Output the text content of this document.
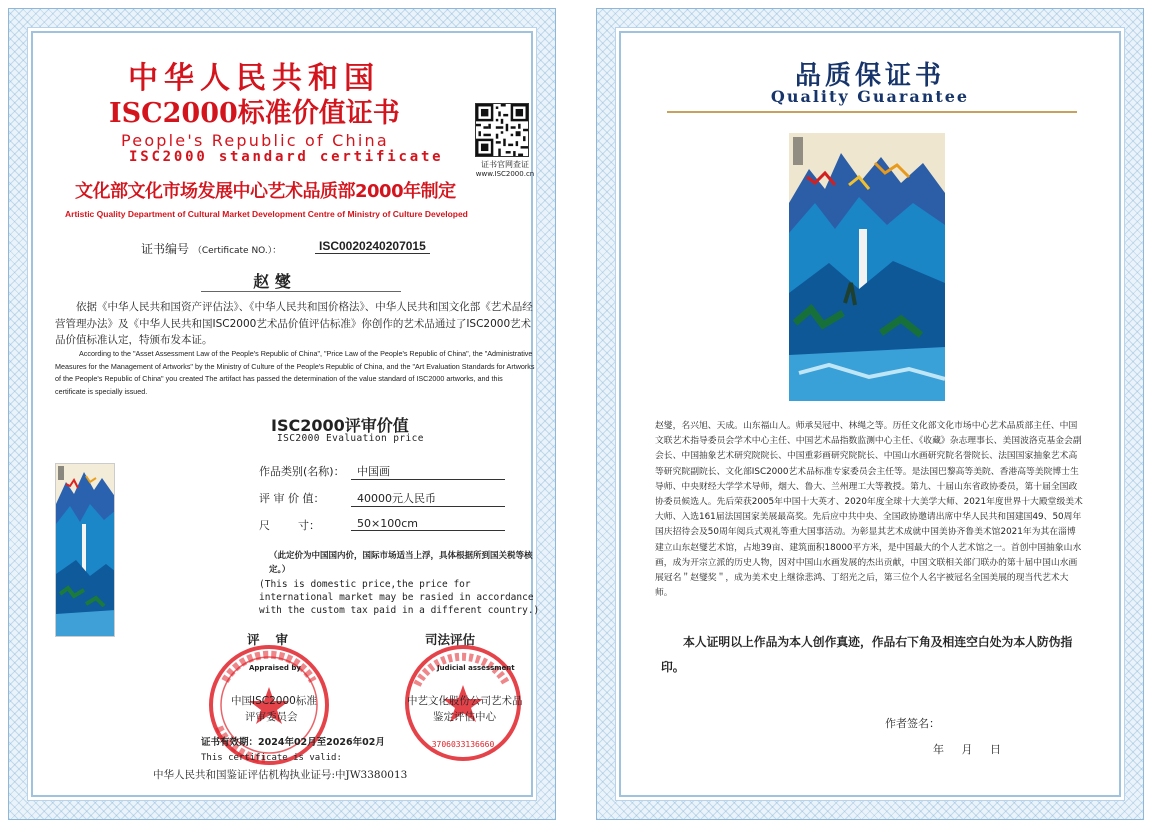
中华人民共和国
ISC2000标准价值证书
People's Republic of China
ISC2000 standard certificate	证书官网查证
www.ISC2000.cn
文化部文化市场发展中心艺术品质部2000年制定
Artistic Quality Department of Cultural Market Development Centre of Ministry of Culture Developed
证书编号 （Certificate NO.）：	ISC0020240207015
赵 燮
依据《中华人民共和国资产评估法》、《中华人民共和国价格法》、中华人民共和国文化部《艺术品经营管理办法》及《中华人民共和国ISC2000艺术品价值评估标准》你创作的艺术品通过了ISC2000艺术品价值标准认定，特颁布发本证。
According to the "Asset Assessment Law of the People's Republic of China", "Price Law of the People's Republic of China", the "Administrative Measures for the Management of Artworks" by the Ministry of Culture of the People's Republic of China, and the "Art Evaluation Standards for Artworks of the People's Republic of China" you created The artifact has passed the determination of the value standard of ISC2000 artworks, and this certificate is specially issued.
ISC2000评审价值
ISC2000 Evaluation price
作品类别(名称)：	中国画
评 审 价 值：	40000元人民币
尺        寸：	50×100cm
（此定价为中国国内价，国际市场适当上浮，具体根据所到国关税等核定。）
(This is domestic price,the price for international market may be rasied in accordance with the custom tax paid in a different country.)
评审	司法评估
3706033136660
Appraised by	Judicial assessment
中国ISC2000标准
评审委员会
中艺文化股份公司艺术品
鉴定评估中心
证书有效期：2024年02月至2026年02月
This certificate is valid:
中华人民共和国鉴证评估机构执业证号:中JW3380013
品质保证书
Quality Guarantee
赵燮，名兴旭、天成。山东福山人。师承吴冠中、林绳之等。历任文化部文化市场中心艺术品质部主任、中国文联艺术指导委员会学术中心主任、中国艺术品指数监测中心主任、《收藏》杂志理事长、美国波洛克基金会副会长、中国抽象艺术研究院院长、中国重彩画研究院院长、中国山水画研究院名誉院长、法国国家抽象艺术高等研究院副院长、文化部ISC2000艺术品标准专家委员会主任等。是法国巴黎高等美院、香港高等美院博士生导师、中央财经大学学术导师，烟大、鲁大、兰州理工大等教授。第九、十届山东省政协委员，第十届全国政协委员候选人。先后荣获2005年中国十大英才、2020年度全球十大美学大师、2021年度世界十大殿堂级美术大师、入选161届法国国家美展最高奖。先后应中共中央、全国政协邀请出席中华人民共和国建国49、50周年国庆招待会及50周年阅兵式观礼等重大国事活动。为彰显其艺术成就中国美协齐鲁美术馆2021年为其在淄博建立山东赵燮艺术馆，占地39亩、建筑面积18000平方米，是中国最大的个人艺术馆之一。首创中国抽象山水画，成为开宗立派的历史人物，因对中国山水画发展的杰出贡献，中国文联相关部门联办的第十届中国山水画展冠名＂赵燮奖＂，成为美术史上继徐悲鸿、丁绍光之后，第三位个人名字被冠名全国美展的现当代艺术大师。
本人证明以上作品为本人创作真迹，作品右下角及相连空白处为本人防伪指印。
作者签名：
年 月 日
